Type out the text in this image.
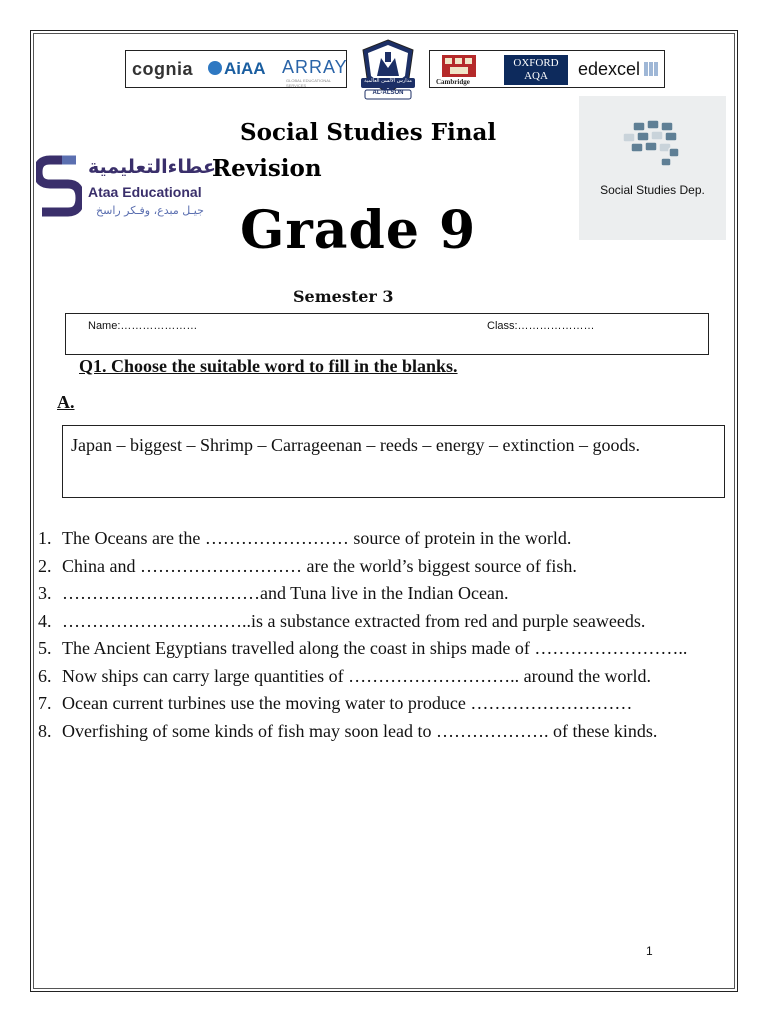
cognia	AiAA ARRAY
GLOBAL EDUCATIONAL SERVICES
مدارس الألسن العالمية
AL-ALSON
Cambridge
OXFORD
AQA	edexcel
عطاءالتعليمية
Ataa Educational
جيـل مبدع، وفـكر راسخ
Social Studies Final
Revision
Grade 9
Semester 3
Social Studies Dep.
Name:…………………	Class:…………………
Q1. Choose the suitable word to fill in the blanks.
A.
Japan – biggest – Shrimp – Carrageenan – reeds – energy – extinction – goods.
1. The Oceans are the …………………… source of protein in the world.
2. China and ……………………… are the world’s biggest source of fish.
3. ……………………………and Tuna live in the Indian Ocean.
4. …………………………..is a substance extracted from red and purple seaweeds.
5. The Ancient Egyptians travelled along the coast in ships made of ……………………..
6. Now ships can carry large quantities of ……………………….. around the world.
7. Ocean current turbines use the moving water to produce ………………………
8. Overfishing of some kinds of fish may soon lead to ………………. of these kinds.
1
